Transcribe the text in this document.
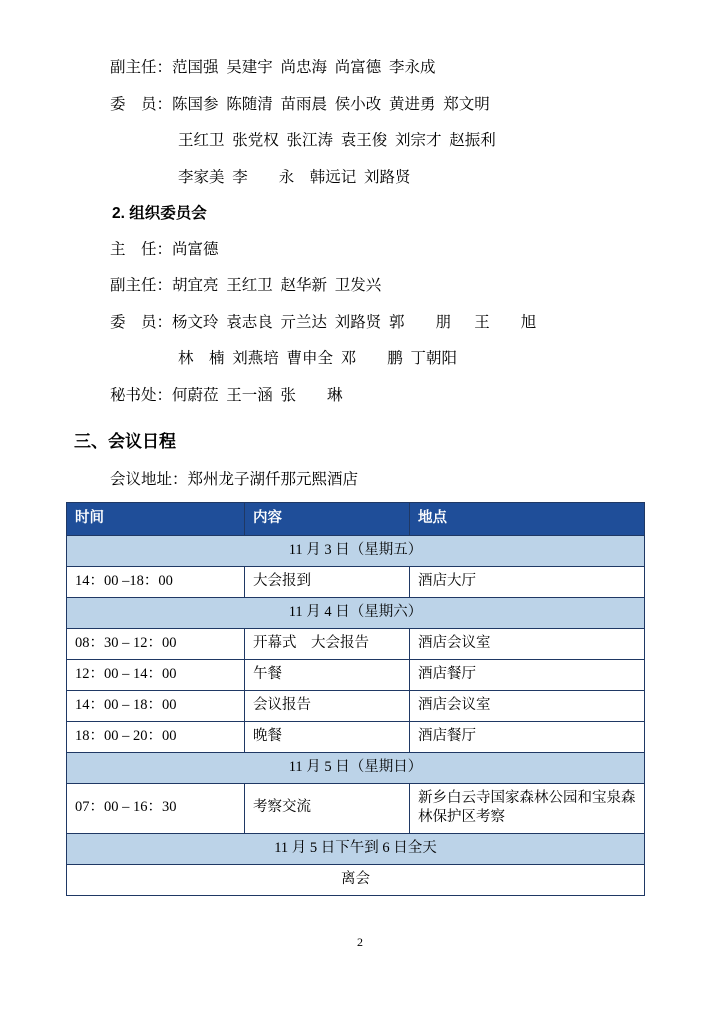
副主任： 范国强  吴建宇  尚忠海  尚富德  李永成
委　员： 陈国参  陈随清  苗雨晨  侯小改  黄进勇  郑文明
王红卫  张党权  张江涛  袁王俊  刘宗才  赵振利
李家美  李　　永　韩远记  刘路贤
2. 组织委员会
主　任： 尚富德
副主任： 胡宜亮  王红卫  赵华新  卫发兴
委　员： 杨文玲  袁志良  亓兰达  刘路贤  郭　　朋　  王　　旭
林　楠  刘燕培  曹申全  邓　　鹏  丁朝阳
秘书处： 何蔚莅  王一涵  张　　琳
三、会议日程
会议地址：郑州龙子湖仟那元熙酒店
时间	内容	地点
11 月 3 日（星期五）		
14：00 –18：00	大会报到	酒店大厅
11 月 4 日（星期六）		
08：30 – 12：00	开幕式　大会报告	酒店会议室
12：00 – 14：00	午餐	酒店餐厅
14：00 – 18：00	会议报告	酒店会议室
18：00 – 20：00	晚餐	酒店餐厅
11 月 5 日（星期日）		
07：00 – 16：30	考察交流	新乡白云寺国家森林公园和宝泉森林保护区考察
11 月 5 日下午到 6 日全天		
离会		
2
